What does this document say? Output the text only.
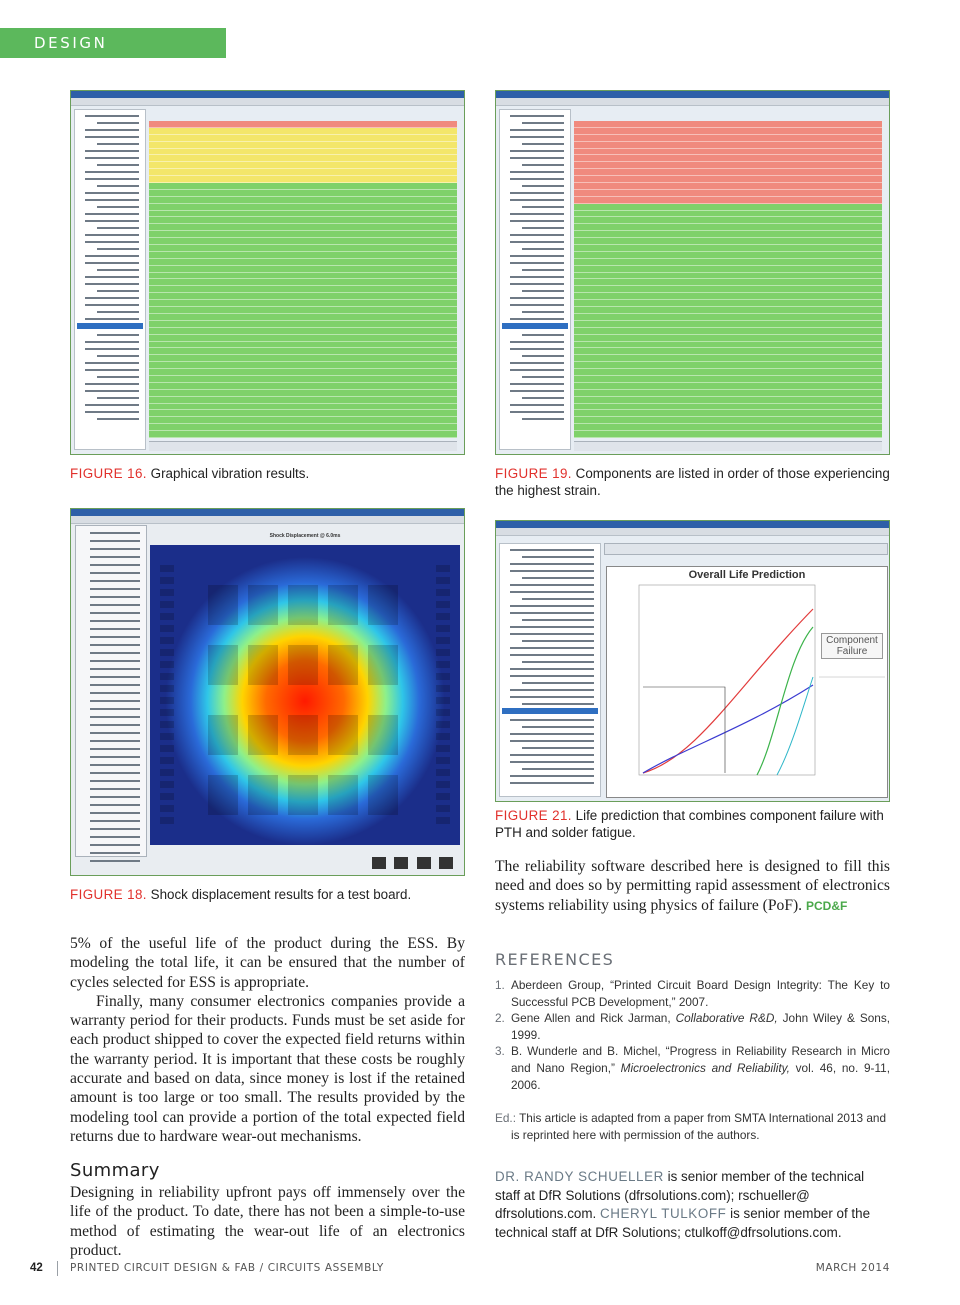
DESIGN VALIDATION
FIGURE 16. Graphical vibration results.	FIGURE 19. Components are listed in order of those experiencing the highest strain.
Shock Displacement @ 6.0ms

FIGURE 18. Shock displacement results for a test board.
Overall Life Prediction
Component Failure
FIGURE 21. Life prediction that combines component failure with PTH and solder fatigue.

The reliability software described here is designed to fill this need and does so by permitting rapid assessment of electronics systems reliability using physics of failure (PoF). PCD&F

5% of the useful life of the product during the ESS. By modeling the total life, it can be ensured that the number of cycles selected for ESS is appropriate.

Finally, many consumer electronics companies provide a warranty period for their products. Funds must be set aside for each product shipped to cover the expected field returns within the warranty period. It is important that these costs be roughly accurate and based on data, since money is lost if the retained amount is too large or too small. The results provided by the modeling tool can provide a portion of the total expected field returns due to hardware wear-out mechanisms.

Summary

Designing in reliability upfront pays off immensely over the life of the product. To date, there has not been a simple-to-use method of estimating the wear-out life of an electronics product.

REFERENCES
1. Aberdeen Group, “Printed Circuit Board Design Integrity: The Key to Successful PCB Development,” 2007.
2. Gene Allen and Rick Jarman, Collaborative R&D, John Wiley & Sons, 1999.
3. B. Wunderle and B. Michel, “Progress in Reliability Research in Micro and Nano Region,” Microelectronics and Reliability, vol. 46, no. 9-11, 2006.
Ed.: This article is adapted from a paper from SMTA International 2013 and is reprinted here with permission of the authors.
DR. RANDY SCHUELLER is senior member of the technical staff at DfR Solutions (dfrsolutions.com); rschueller@ dfrsolutions.com. CHERYL TULKOFF is senior member of the technical staff at DfR Solutions; ctulkoff@dfrsolutions.com.
42	PRINTED CIRCUIT DESIGN & FAB / CIRCUITS ASSEMBLY	MARCH 2014
